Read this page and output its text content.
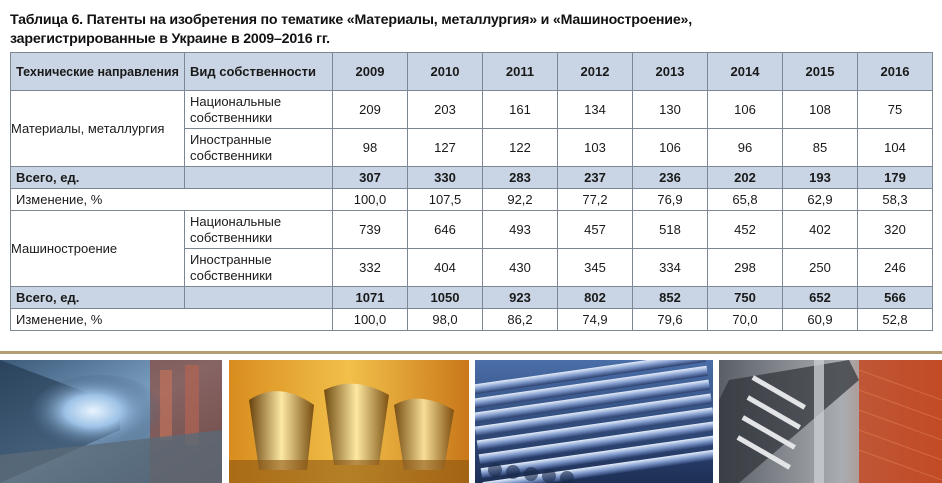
Таблица 6. Патенты на изобретения по тематике «Материалы, металлургия» и «Машиностроение»,
зарегистрированные в Украине в 2009–2016 гг.
Технические направления	Вид собственности	2009	2010	2011	2012	2013	2014	2015	2016
Материалы, металлургия	Национальные собственники	209	203	161	134	130	106	108	75
	Иностранные собственники	98	127	122	103	106	96	85	104
Всего, ед.		307	330	283	237	236	202	193	179
Изменение, %		100,0	107,5	92,2	77,2	76,9	65,8	62,9	58,3
Машиностроение	Национальные собственники	739	646	493	457	518	452	402	320
	Иностранные собственники	332	404	430	345	334	298	250	246
Всего, ед.		1071	1050	923	802	852	750	652	566
Изменение, %		100,0	98,0	86,2	74,9	79,6	70,0	60,9	52,8
